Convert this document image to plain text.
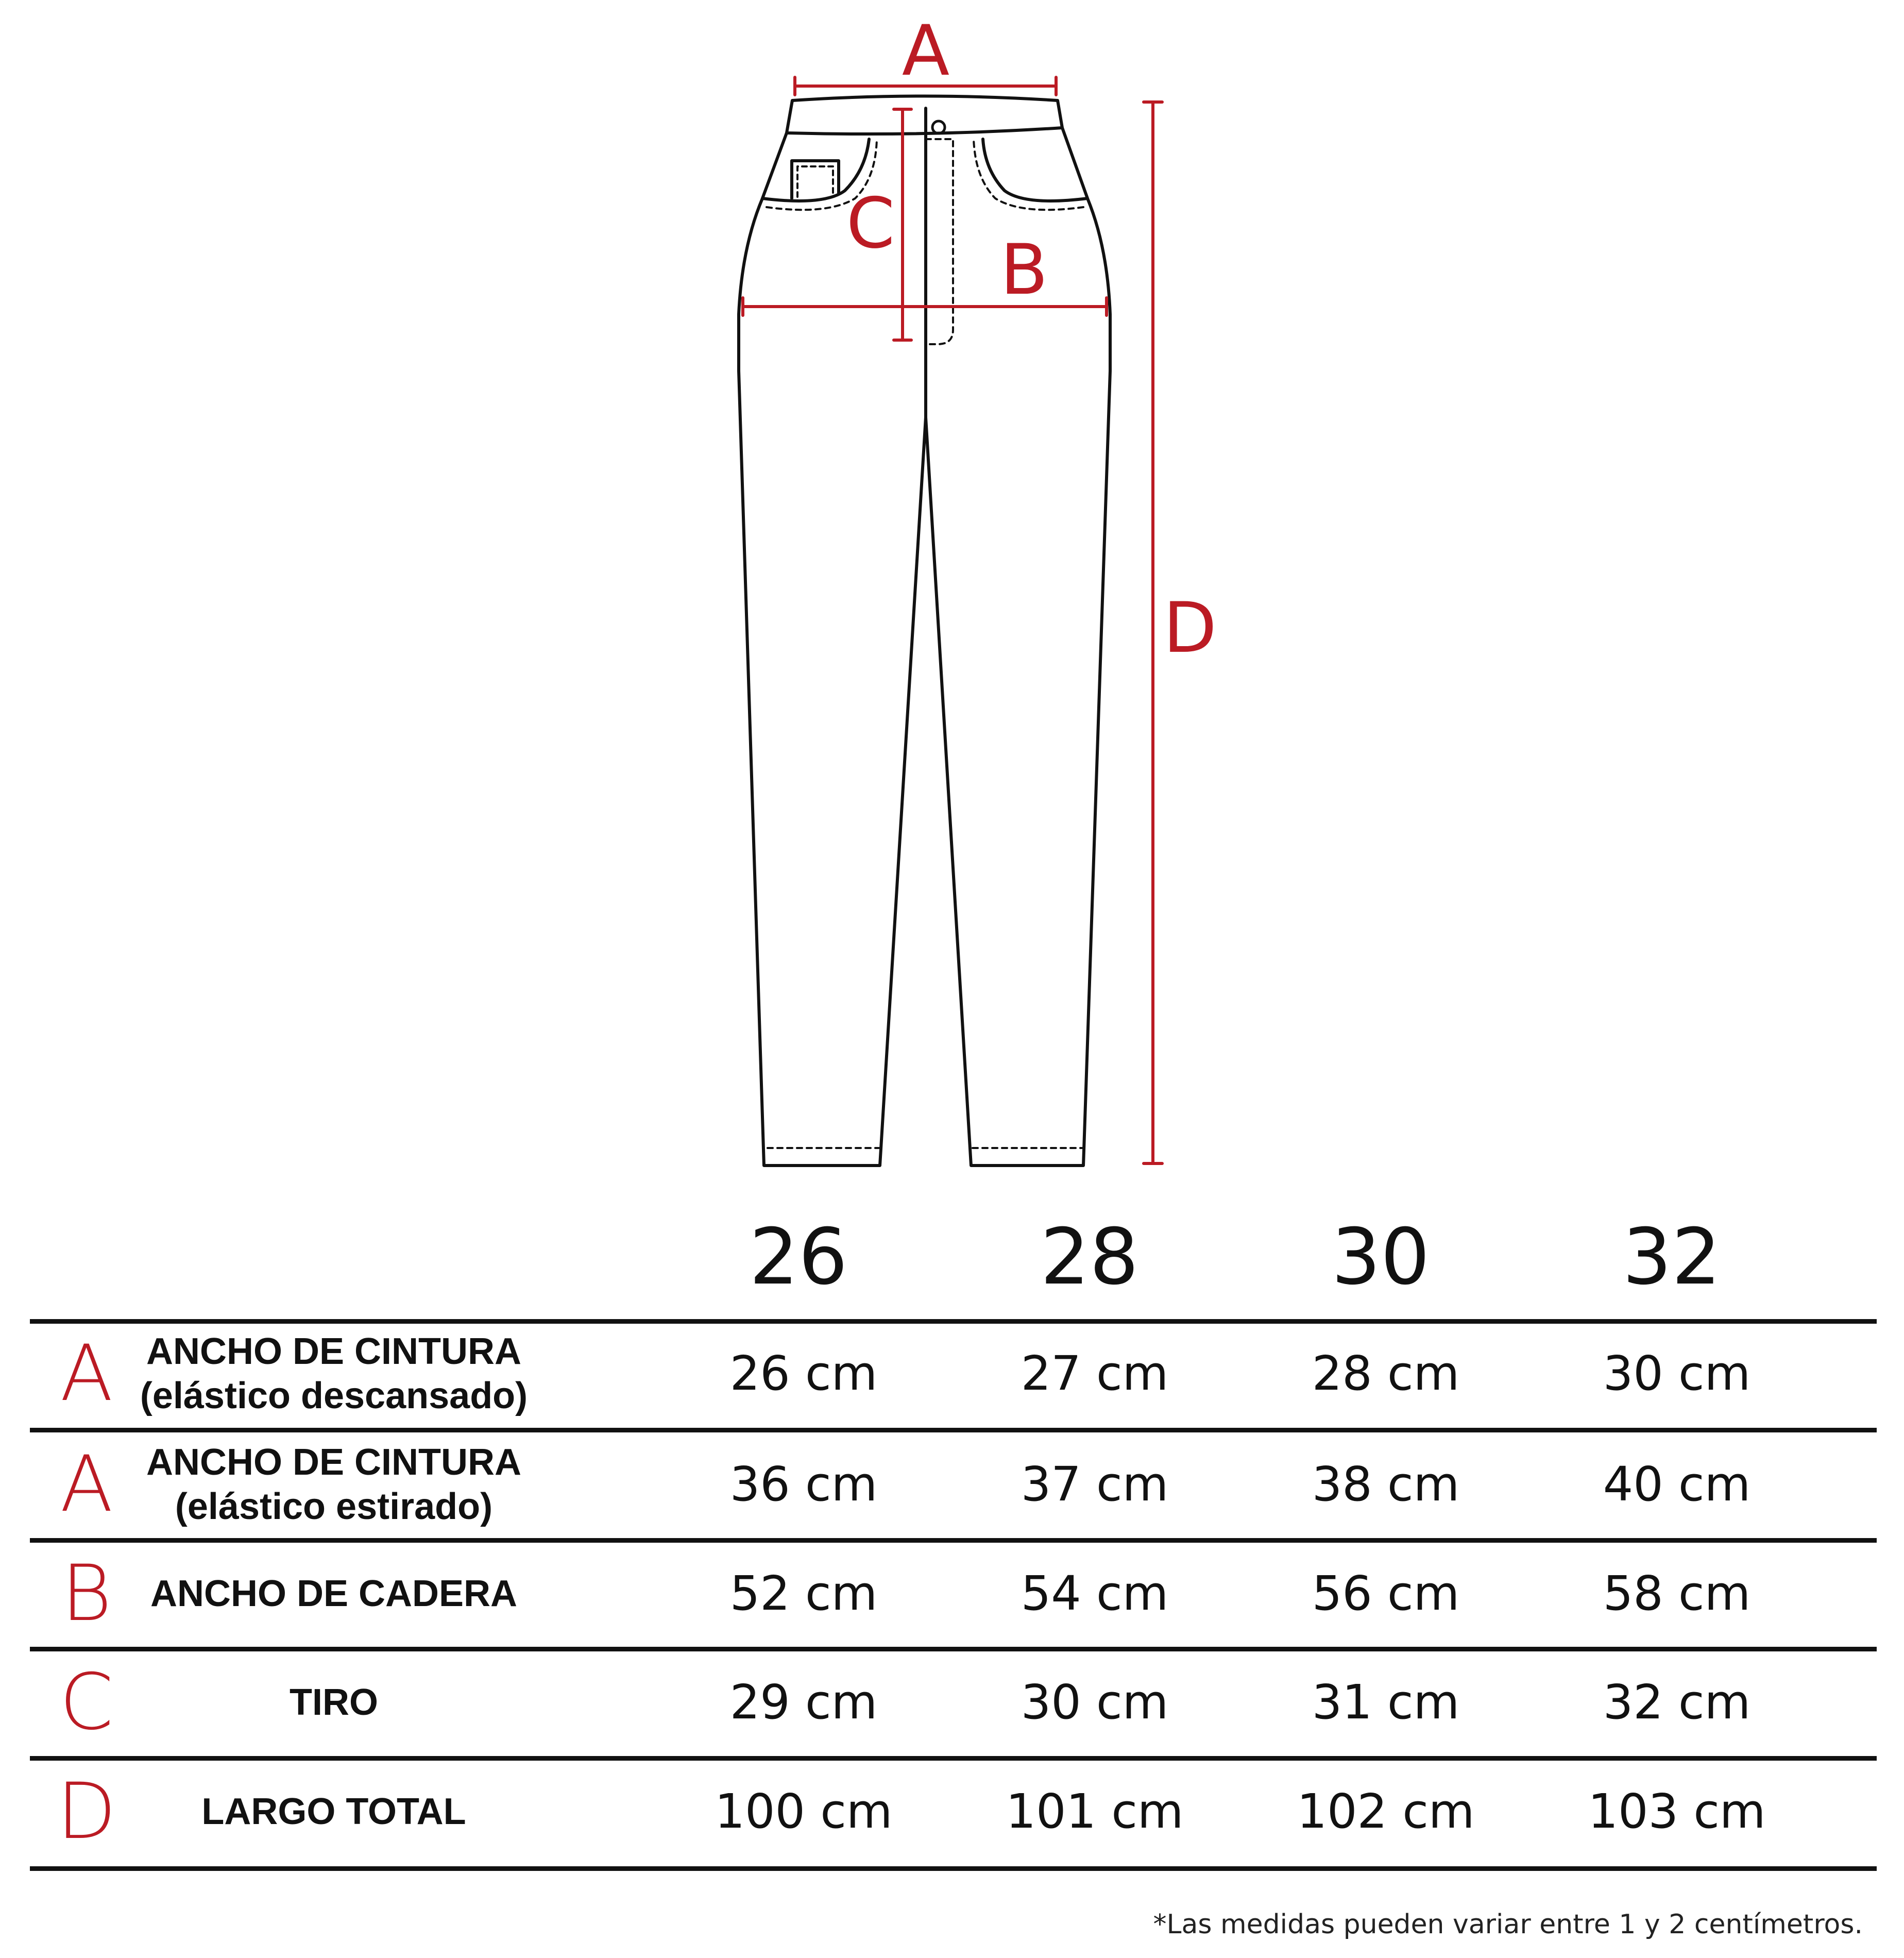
A
B
C
D
26	28	30	32
A ANCHO DE CINTURA
(elástico descansado)	26 cm	27 cm	28 cm	30 cm
A ANCHO DE CINTURA
(elástico estirado)	36 cm	37 cm	38 cm	40 cm
B	ANCHO DE CADERA	52 cm	54 cm	56 cm	58 cm
C	TIRO	29 cm	30 cm	31 cm	32 cm
D	LARGO TOTAL	100 cm	101 cm	102 cm	103 cm
*Las medidas pueden variar entre 1 y 2 centímetros.
